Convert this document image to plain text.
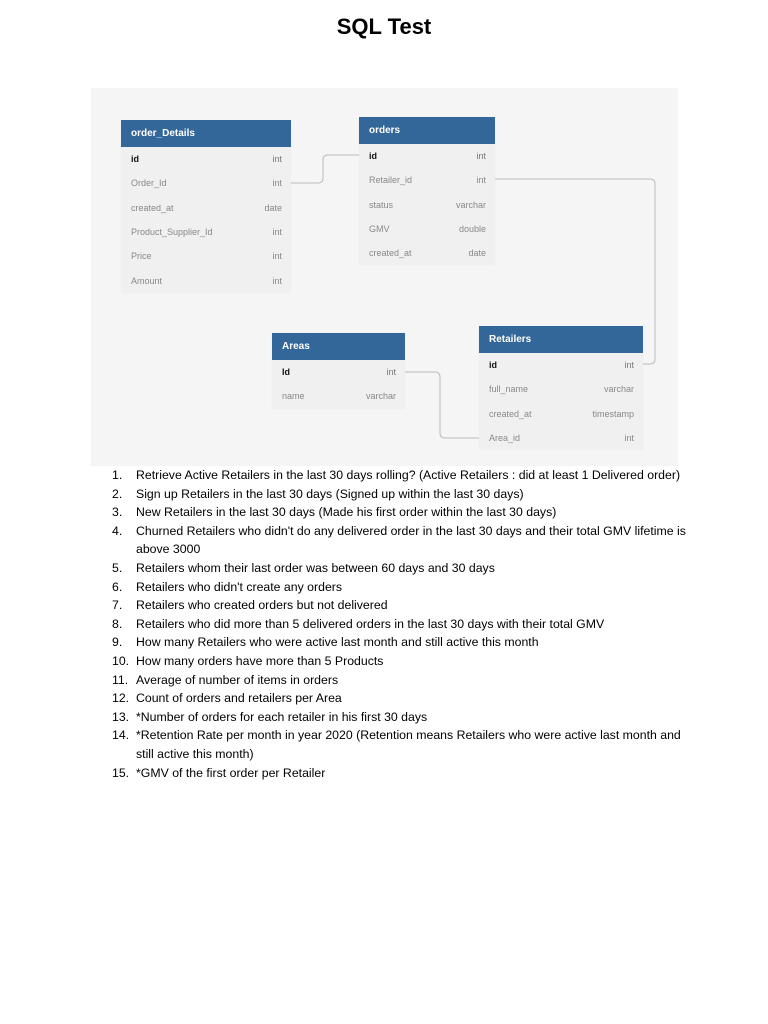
SQL Test
order_Details
id	int
Order_Id	int
created_at	date
Product_Supplier_Id	int
Price	int
Amount	int
orders
id	int
Retailer_id	int
status	varchar
GMV	double
created_at	date
Areas
Id	int
name	varchar
Retailers
id	int
full_name	varchar
created_at	timestamp
Area_id	int
1.	Retrieve Active Retailers in the last 30 days rolling? (Active Retailers : did at least 1 Delivered order)
2.	Sign up Retailers in the last 30 days (Signed up within the last 30 days)
3.	New Retailers in the last 30 days (Made his first order within the last 30 days)
4.	Churned Retailers who didn't do any delivered order in the last 30 days and their total GMV lifetime is above 3000
5.	Retailers whom their last order was between 60 days and 30 days
6.	Retailers who didn't create any orders
7.	Retailers who created orders but not delivered
8.	Retailers who did more than 5 delivered orders in the last 30 days with their total GMV
9.	How many Retailers who were active last month and still active this month
10. How many orders have more than 5 Products
11. Average of number of items in orders
12. Count of orders and retailers per Area
13. *Number of orders for each retailer in his first 30 days
14. *Retention Rate per month in year 2020 (Retention means Retailers who were active last month and still active this month)
15. *GMV of the first order per Retailer
